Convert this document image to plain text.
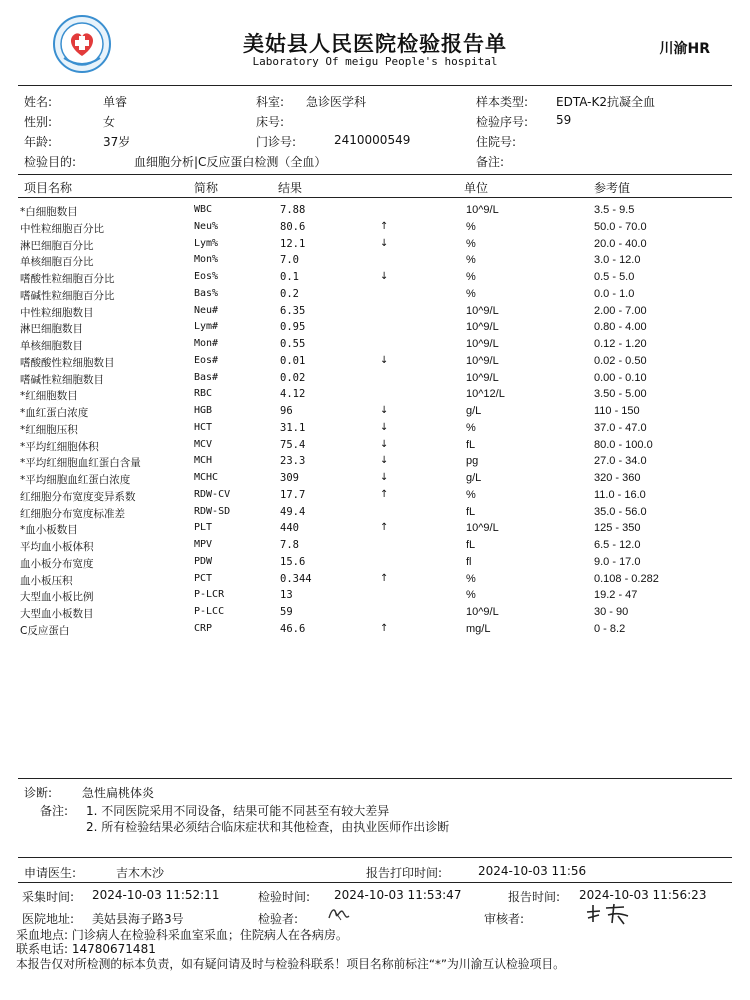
美姑县人民医院检验报告单
Laboratory Of meigu People's hospital
川渝HR
姓名:	单睿	科室: 急诊医学科	样本类型: EDTA-K2抗凝全血
性别:	女	床号:	检验序号: 59
年龄:	37岁	门诊号:	2410000549	住院号:
检验目的:	血细胞分析|C反应蛋白检测（全血）	备注:
项目名称	简称	结果	单位	参考值
*白细胞数目	WBC	7.88	10^9/L	3.5 - 9.5
中性粒细胞百分比	Neu%	80.6	↑	%	50.0 - 70.0
淋巴细胞百分比	Lym%	12.1	↓	%	20.0 - 40.0
单核细胞百分比	Mon%	7.0	%	3.0 - 12.0
嗜酸性粒细胞百分比	Eos%	0.1	↓	%	0.5 - 5.0
嗜碱性粒细胞百分比	Bas%	0.2	%	0.0 - 1.0
中性粒细胞数目	Neu#	6.35	10^9/L	2.00 - 7.00
淋巴细胞数目	Lym#	0.95	10^9/L	0.80 - 4.00
单核细胞数目	Mon#	0.55	10^9/L	0.12 - 1.20
嗜酸酸性粒细胞数目	Eos#	0.01	↓	10^9/L	0.02 - 0.50
嗜碱性粒细胞数目	Bas#	0.02	10^9/L	0.00 - 0.10
*红细胞数目	RBC	4.12	10^12/L	3.50 - 5.00
*血红蛋白浓度	HGB	96	↓	g/L	110 - 150
*红细胞压积	HCT	31.1	↓	%	37.0 - 47.0
*平均红细胞体积	MCV	75.4	↓	fL	80.0 - 100.0
*平均红细胞血红蛋白含量	MCH	23.3	↓	pg	27.0 - 34.0
*平均细胞血红蛋白浓度	MCHC	309	↓	g/L	320 - 360
红细胞分布宽度变异系数	RDW-CV	17.7	↑	%	11.0 - 16.0
红细胞分布宽度标准差	RDW-SD	49.4	fL	35.0 - 56.0
*血小板数目	PLT	440	↑	10^9/L	125 - 350
平均血小板体积	MPV	7.8	fL	6.5 - 12.0
血小板分布宽度	PDW	15.6	fl	9.0 - 17.0
血小板压积	PCT	0.344	↑	%	0.108 - 0.282
大型血小板比例	P-LCR	13	%	19.2 - 47
大型血小板数目	P-LCC	59	10^9/L	30 - 90
C反应蛋白	CRP	46.6	↑	mg/L	0 - 8.2
诊断: 急性扁桃体炎
备注: 1. 不同医院采用不同设备，结果可能不同甚至有较大差异
2. 所有检验结果必须结合临床症状和其他检查，由执业医师作出诊断
申请医生:	吉木木沙	报告打印时间:	2024-10-03 11:56
采集时间: 2024-10-03 11:52:11	检验时间: 2024-10-03 11:53:47	报告时间: 2024-10-03 11:56:23
医院地址: 美姑县海子路3号	检验者:	审核者:
采血地点: 门诊病人在检验科采血室采血；住院病人在各病房。
联系电话: 14780671481
本报告仅对所检测的标本负责，如有疑问请及时与检验科联系！项目名称前标注“*”为川渝互认检验项目。
